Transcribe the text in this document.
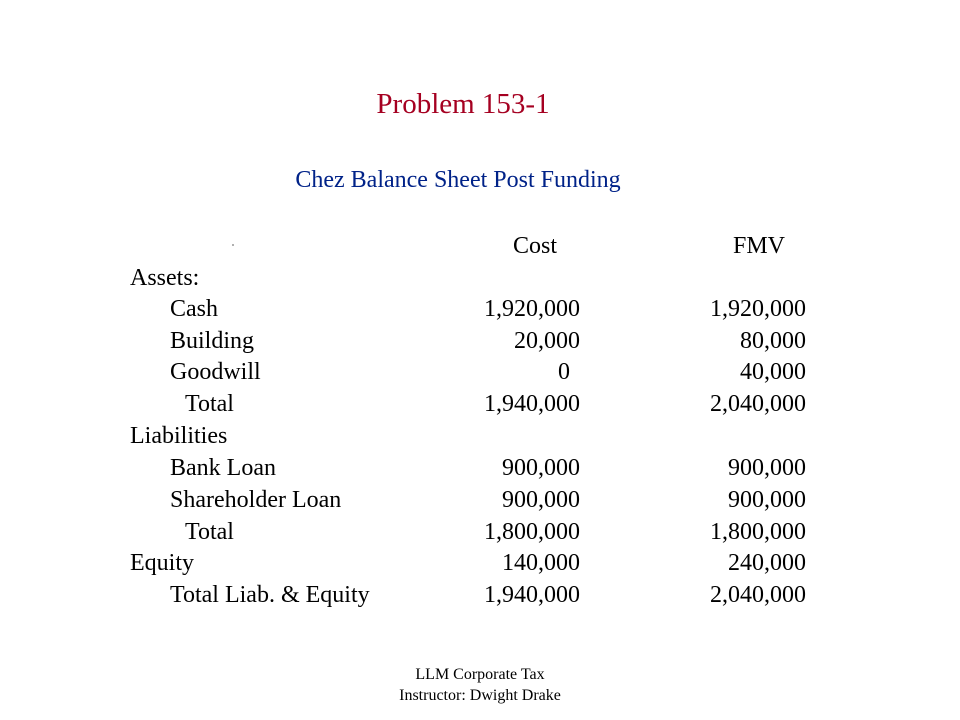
Problem 153-1
Chez Balance Sheet Post Funding
Cost	FMV
Assets:
Cash	1,920,000	1,920,000
Building	20,000	80,000
Goodwill	0	40,000
Total	1,940,000	2,040,000
Liabilities
Bank Loan	900,000	900,000
Shareholder Loan	900,000	900,000
Total	1,800,000	1,800,000
Equity	140,000	240,000
Total Liab. & Equity	1,940,000	2,040,000
LLM Corporate Tax
Instructor: Dwight Drake
